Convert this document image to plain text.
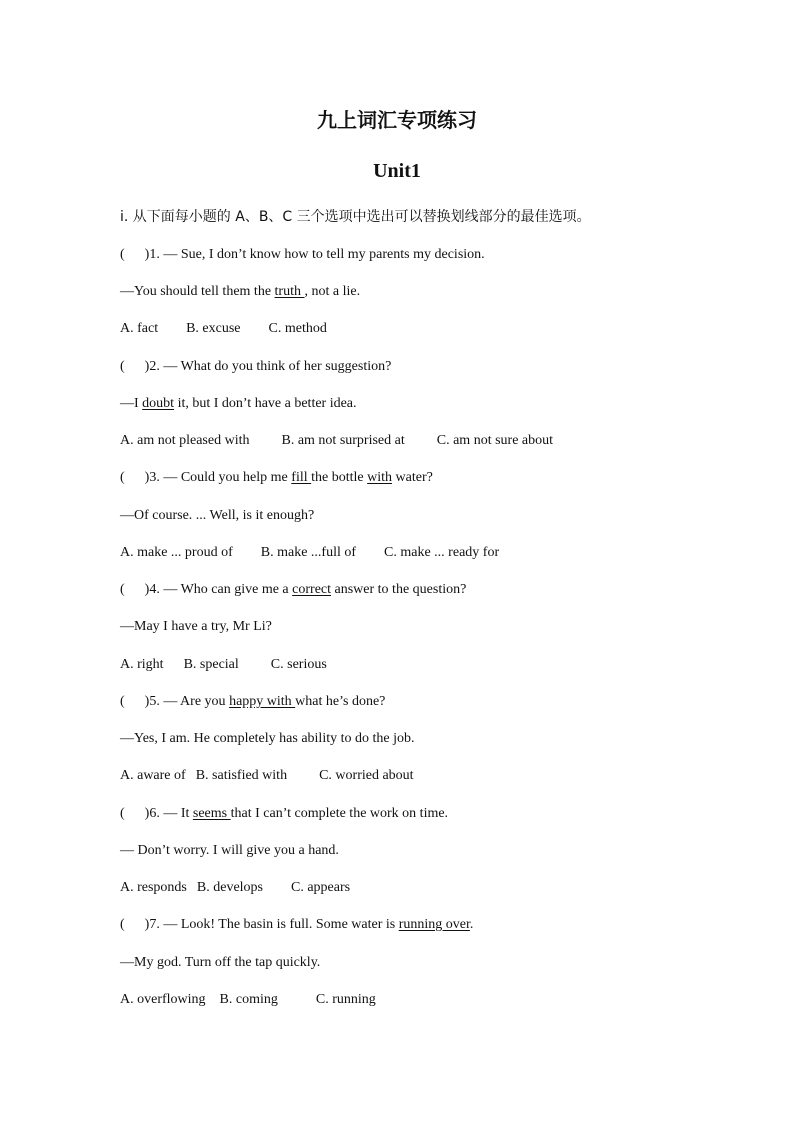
九上词汇专项练习
Unit1
i. 从下面每小题的 A、B、C 三个选项中选出可以替换划线部分的最佳选项。
( )1. — Sue, I don’t know how to tell my parents my decision.
—You should tell them the truth , not a lie.
A. fact B. excuse C. method
( )2. — What do you think of her suggestion?
—I doubt it, but I don’t have a better idea.
A. am not pleased with B. am not surprised at C. am not sure about
( )3. — Could you help me fill the bottle with water?
—Of course. ... Well, is it enough?
A. make ... proud of B. make ...full of C. make ... ready for
( )4. — Who can give me a correct answer to the question?
—May I have a try, Mr Li?
A. right B. special C. serious
( )5. — Are you happy with what he’s done?
—Yes, I am. He completely has ability to do the job.
A. aware of B. satisfied with C. worried about
( )6. — It seems that I can’t complete the work on time.
— Don’t worry. I will give you a hand.
A. responds B. develops C. appears
( )7. — Look! The basin is full. Some water is running over.
—My god. Turn off the tap quickly.
A. overflowing B. coming	C. running
